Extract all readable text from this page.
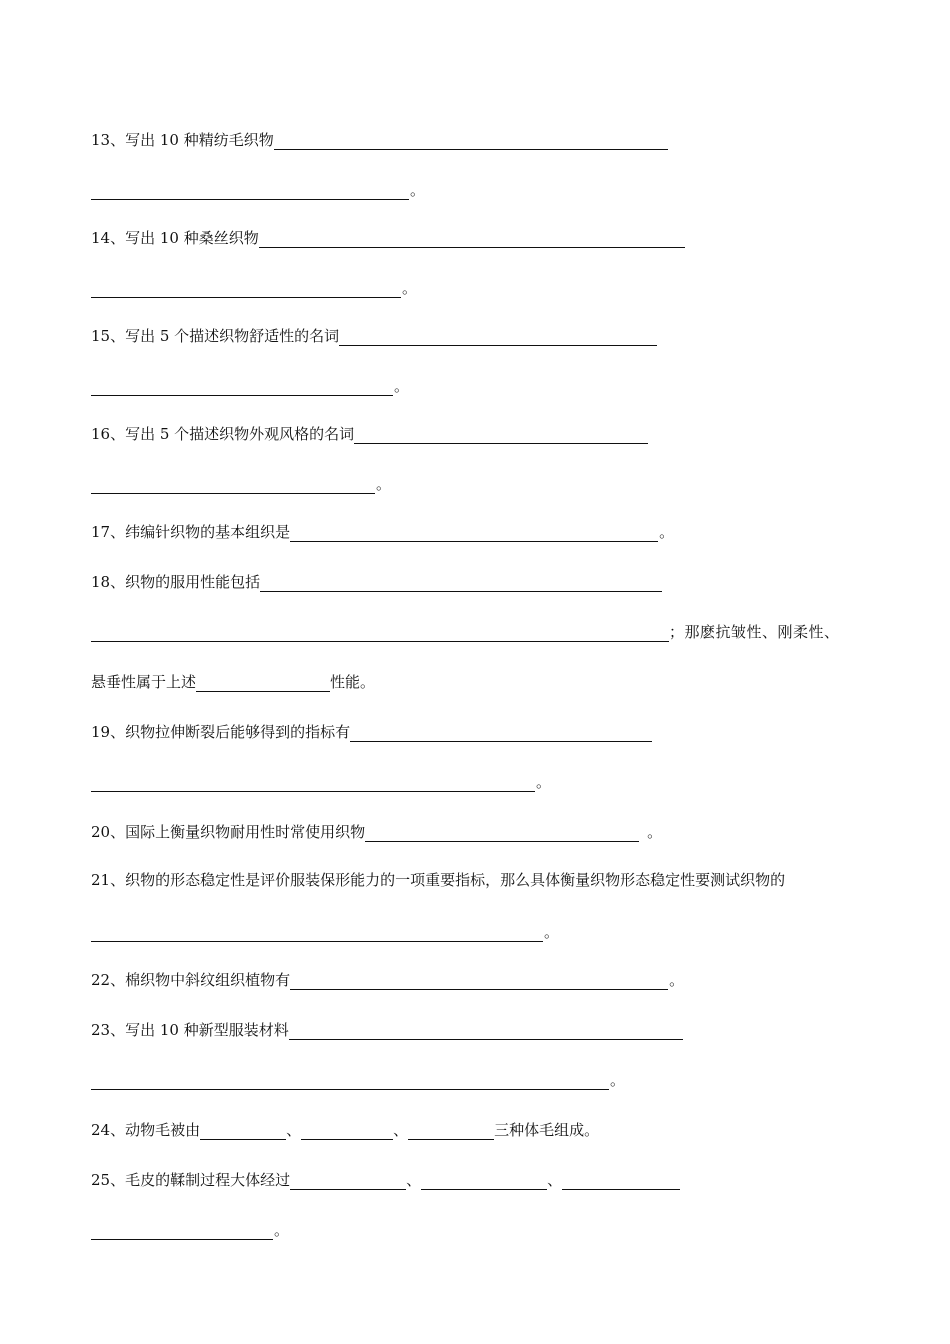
13、写出 10 种精纺毛织物
。
14、写出 10 种桑丝织物
。
15、写出 5 个描述织物舒适性的名词
。
16、写出 5 个描述织物外观风格的名词
。
17、纬编针织物的基本组织是	。
18、织物的服用性能包括
；那麽抗皱性、刚柔性、
悬垂性属于上述	性能。
19、织物拉伸断裂后能够得到的指标有
。
20、国际上衡量织物耐用性时常使用织物	。
21、织物的形态稳定性是评价服装保形能力的一项重要指标，那么具体衡量织物形态稳定性要测试织物的
。
22、棉织物中斜纹组织植物有	。
23、写出 10 种新型服装材料
。
24、动物毛被由	、	、	三种体毛组成。
25、毛皮的鞣制过程大体经过	、	、
。
